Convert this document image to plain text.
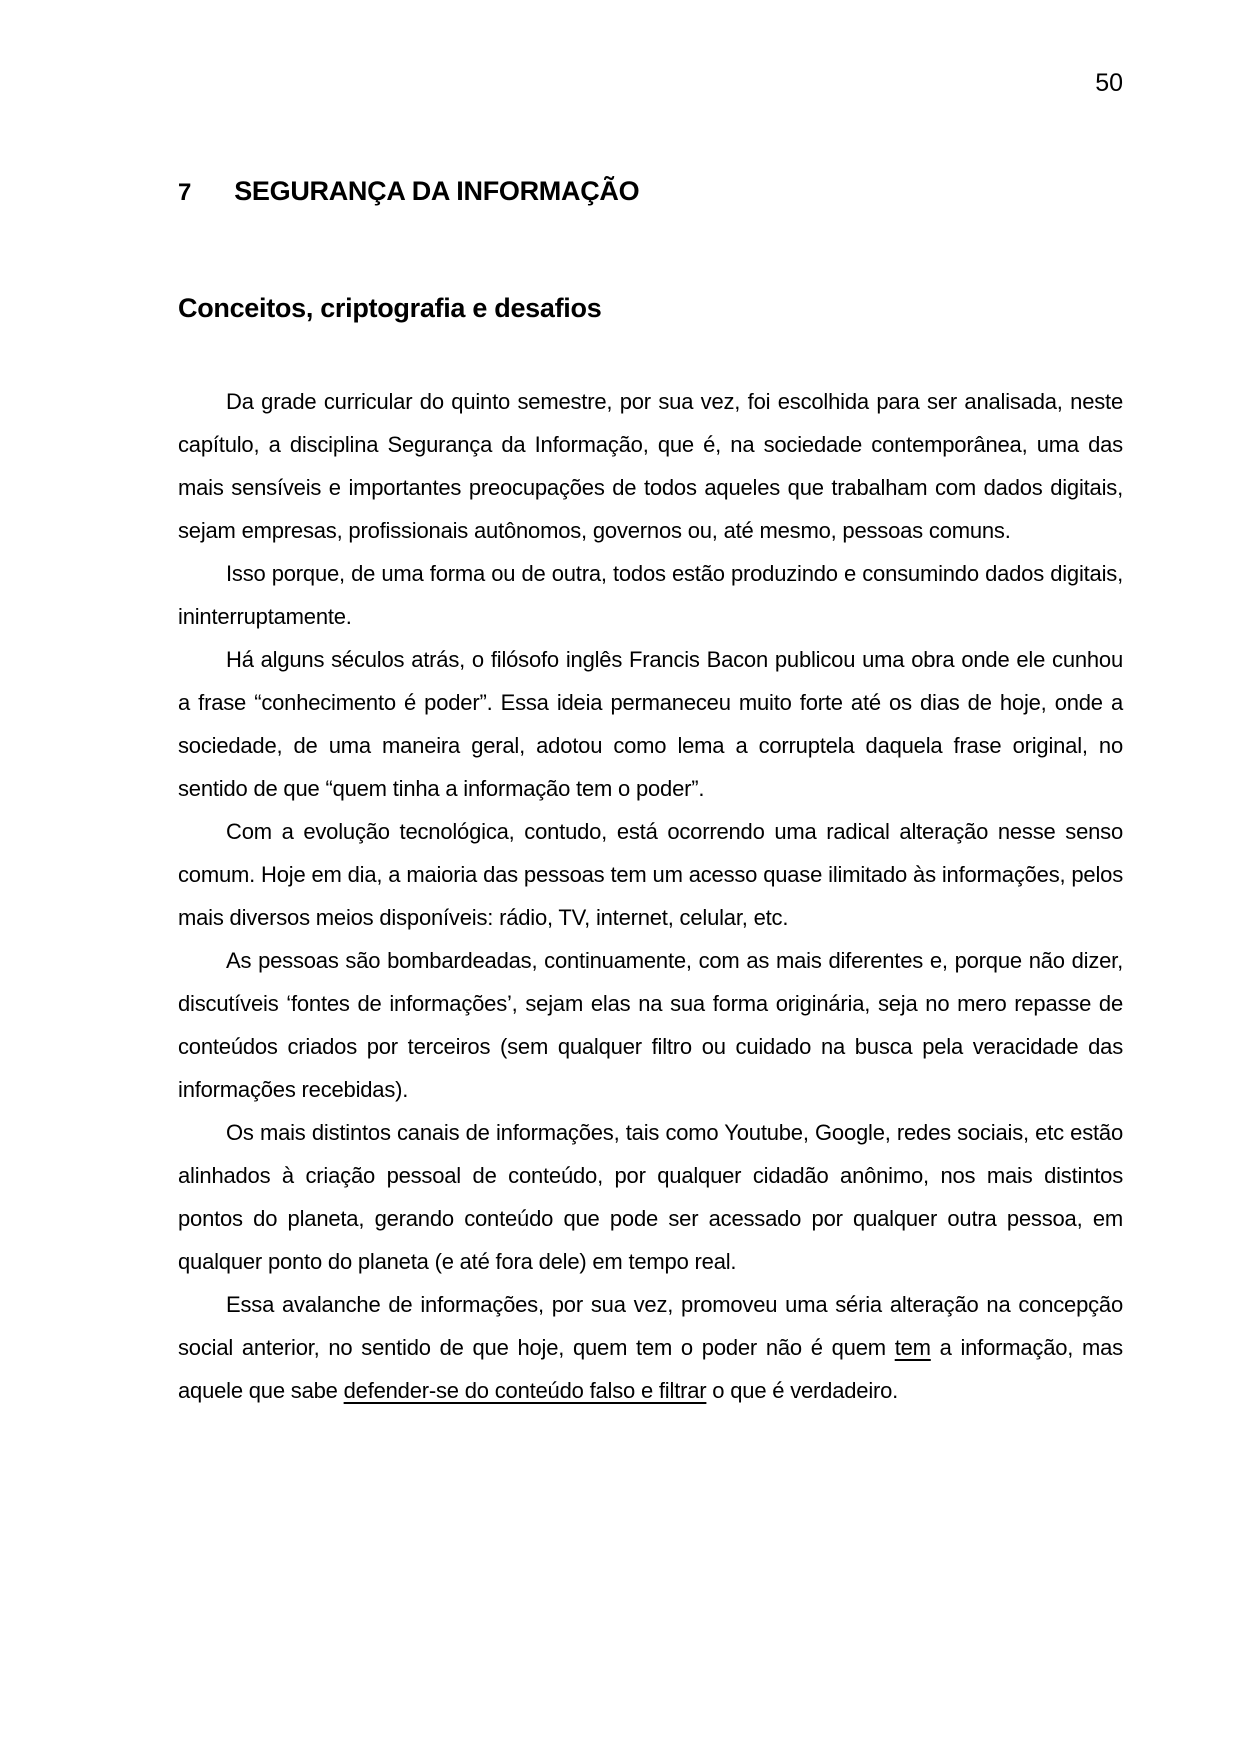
50
7 SEGURANÇA DA INFORMAÇÃO
Conceitos, criptografia e desafios

Da grade curricular do quinto semestre, por sua vez, foi escolhida para ser analisada, neste capítulo, a disciplina Segurança da Informação, que é, na sociedade contemporânea, uma das mais sensíveis e importantes preocupações de todos aqueles que trabalham com dados digitais, sejam empresas, profissionais autônomos, governos ou, até mesmo, pessoas comuns.

Isso porque, de uma forma ou de outra, todos estão produzindo e consumindo dados digitais, ininterruptamente.

Há alguns séculos atrás, o filósofo inglês Francis Bacon publicou uma obra onde ele cunhou a frase “conhecimento é poder”. Essa ideia permaneceu muito forte até os dias de hoje, onde a sociedade, de uma maneira geral, adotou como lema a corruptela daquela frase original, no sentido de que “quem tinha a informação tem o poder”.

Com a evolução tecnológica, contudo, está ocorrendo uma radical alteração nesse senso comum. Hoje em dia, a maioria das pessoas tem um acesso quase ilimitado às informações, pelos mais diversos meios disponíveis: rádio, TV, internet, celular, etc.

As pessoas são bombardeadas, continuamente, com as mais diferentes e, porque não dizer, discutíveis ‘fontes de informações’, sejam elas na sua forma originária, seja no mero repasse de conteúdos criados por terceiros (sem qualquer filtro ou cuidado na busca pela veracidade das informações recebidas).

Os mais distintos canais de informações, tais como Youtube, Google, redes sociais, etc estão alinhados à criação pessoal de conteúdo, por qualquer cidadão anônimo, nos mais distintos pontos do planeta, gerando conteúdo que pode ser acessado por qualquer outra pessoa, em qualquer ponto do planeta (e até fora dele) em tempo real.

Essa avalanche de informações, por sua vez, promoveu uma séria alteração na concepção social anterior, no sentido de que hoje, quem tem o poder não é quem tem a informação, mas aquele que sabe defender-se do conteúdo falso e filtrar o que é verdadeiro.
